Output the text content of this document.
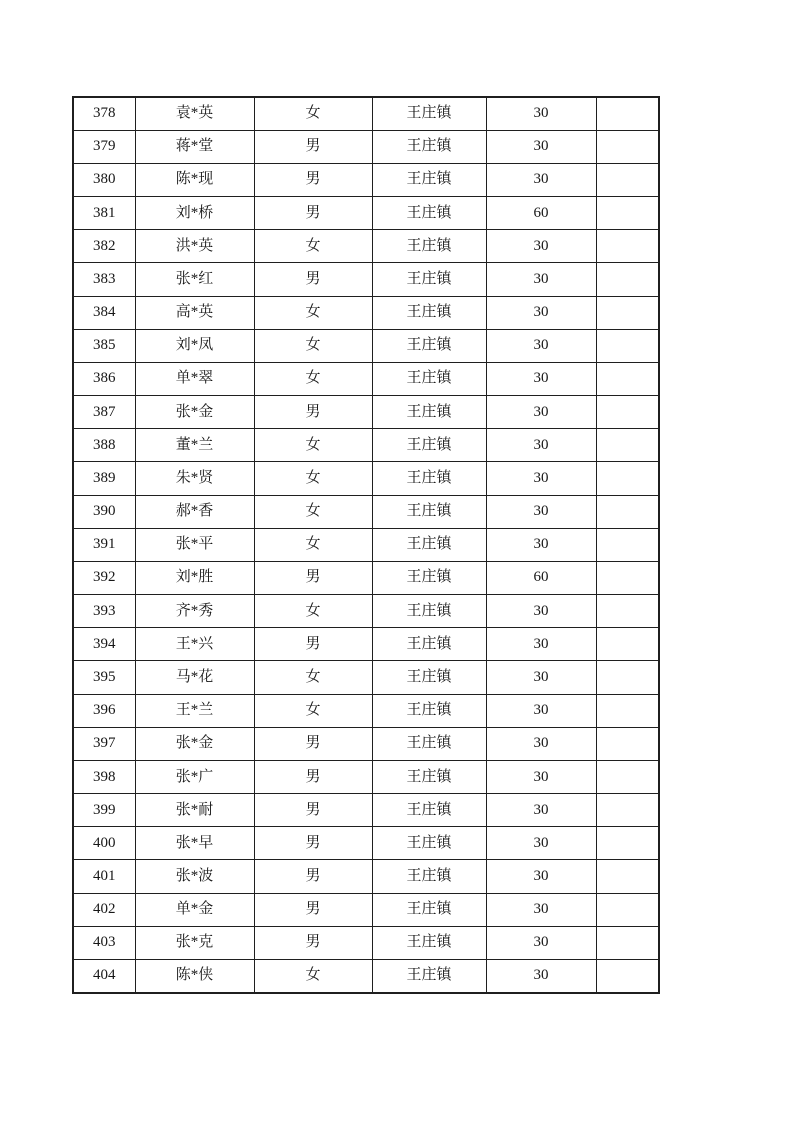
378	袁*英	女	王庄镇	30	
379	蒋*堂	男	王庄镇	30	
380	陈*现	男	王庄镇	30	
381	刘*桥	男	王庄镇	60	
382	洪*英	女	王庄镇	30	
383	张*红	男	王庄镇	30	
384	高*英	女	王庄镇	30	
385	刘*凤	女	王庄镇	30	
386	单*翠	女	王庄镇	30	
387	张*金	男	王庄镇	30	
388	董*兰	女	王庄镇	30	
389	朱*贤	女	王庄镇	30	
390	郝*香	女	王庄镇	30	
391	张*平	女	王庄镇	30	
392	刘*胜	男	王庄镇	60	
393	齐*秀	女	王庄镇	30	
394	王*兴	男	王庄镇	30	
395	马*花	女	王庄镇	30	
396	王*兰	女	王庄镇	30	
397	张*金	男	王庄镇	30	
398	张*广	男	王庄镇	30	
399	张*耐	男	王庄镇	30	
400	张*早	男	王庄镇	30	
401	张*波	男	王庄镇	30	
402	单*金	男	王庄镇	30	
403	张*克	男	王庄镇	30	
404	陈*侠	女	王庄镇	30	
